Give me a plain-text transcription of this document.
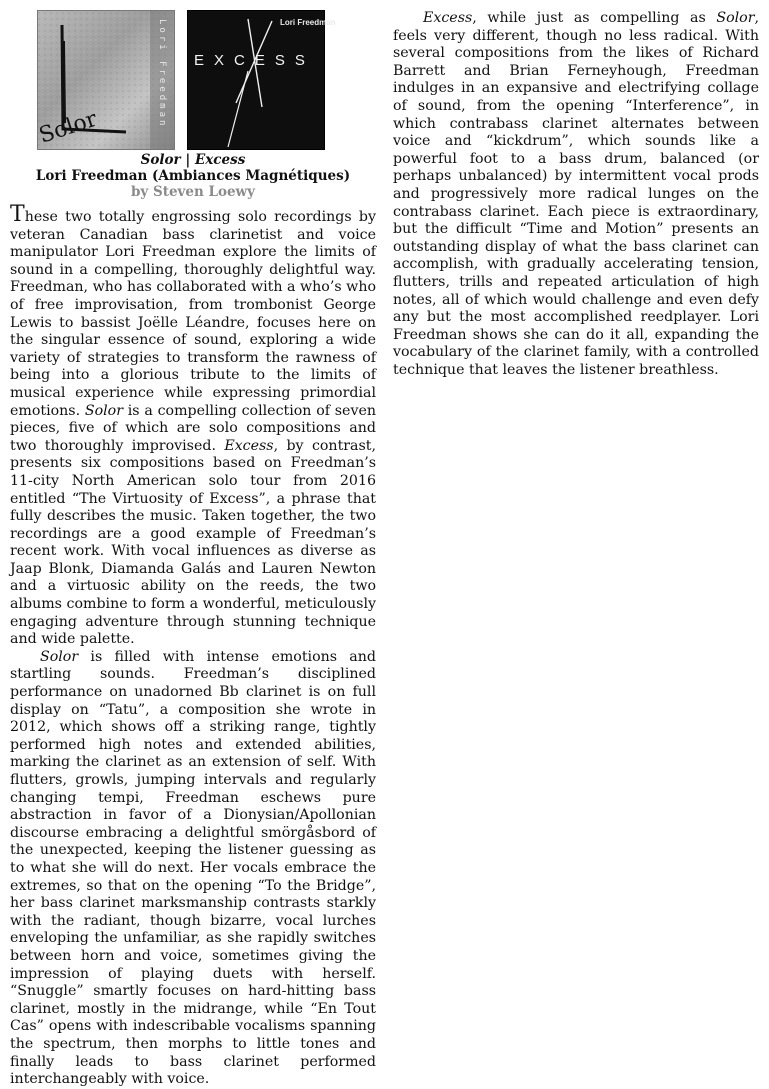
Solor	Lori Freedman	Lori Freedman
EXCESS
Solor | Excess
Lori Freedman (Ambiances Magnétiques)
by Steven Loewy

These two totally engrossing solo recordings by veteran Canadian bass clarinetist and voice manipulator Lori Freedman explore the limits of sound in a compelling, thoroughly delightful way. Freedman, who has collaborated with a who’s who of free improvisation, from trombonist George Lewis to bassist Joëlle Léandre, focuses here on the singular essence of sound, exploring a wide variety of strategies to transform the rawness of being into a glorious tribute to the limits of musical experience while expressing primordial emotions. Solor is a compelling collection of seven pieces, five of which are solo compositions and two thoroughly improvised. Excess, by contrast, presents six compositions based on Freedman’s 11-city North American solo tour from 2016 entitled “The Virtuosity of Excess”, a phrase that fully describes the music. Taken together, the two recordings are a good example of Freedman’s recent work. With vocal influences as diverse as Jaap Blonk, Diamanda Galás and Lauren Newton and a virtuosic ability on the reeds, the two albums combine to form a wonderful, meticulously engaging adventure through stunning technique and wide palette.

Solor is filled with intense emotions and startling sounds. Freedman’s disciplined performance on unadorned Bb clarinet is on full display on “Tatu”, a composition she wrote in 2012, which shows off a striking range, tightly performed high notes and extended abilities, marking the clarinet as an extension of self. With flutters, growls, jumping intervals and regularly changing tempi, Freedman eschews pure abstraction in favor of a Dionysian/Apollonian discourse embracing a delightful smörgåsbord of the unexpected, keeping the listener guessing as to what she will do next. Her vocals embrace the extremes, so that on the opening “To the Bridge”, her bass clarinet marksmanship contrasts starkly with the radiant, though bizarre, vocal lurches enveloping the unfamiliar, as she rapidly switches between horn and voice, sometimes giving the impression of playing duets with herself. “Snuggle” smartly focuses on hard-hitting bass clarinet, mostly in the midrange, while “En Tout Cas” opens with indescribable vocalisms spanning the spectrum, then morphs to little tones and finally leads to bass clarinet performed interchangeably with voice.

Excess, while just as compelling as Solor, feels very different, though no less radical. With several compositions from the likes of Richard Barrett and Brian Ferneyhough, Freedman indulges in an expansive and electrifying collage of sound, from the opening “Interference”, in which contrabass clarinet alternates between voice and “kickdrum”, which sounds like a powerful foot to a bass drum, balanced (or perhaps unbalanced) by intermittent vocal prods and progressively more radical lunges on the contrabass clarinet. Each piece is extraordinary, but the difficult “Time and Motion” presents an outstanding display of what the bass clarinet can accomplish, with gradually accelerating tension, flutters, trills and repeated articulation of high notes, all of which would challenge and even defy any but the most accomplished reedplayer. Lori Freedman shows she can do it all, expanding the vocabulary of the clarinet family, with a controlled technique that leaves the listener breathless.
